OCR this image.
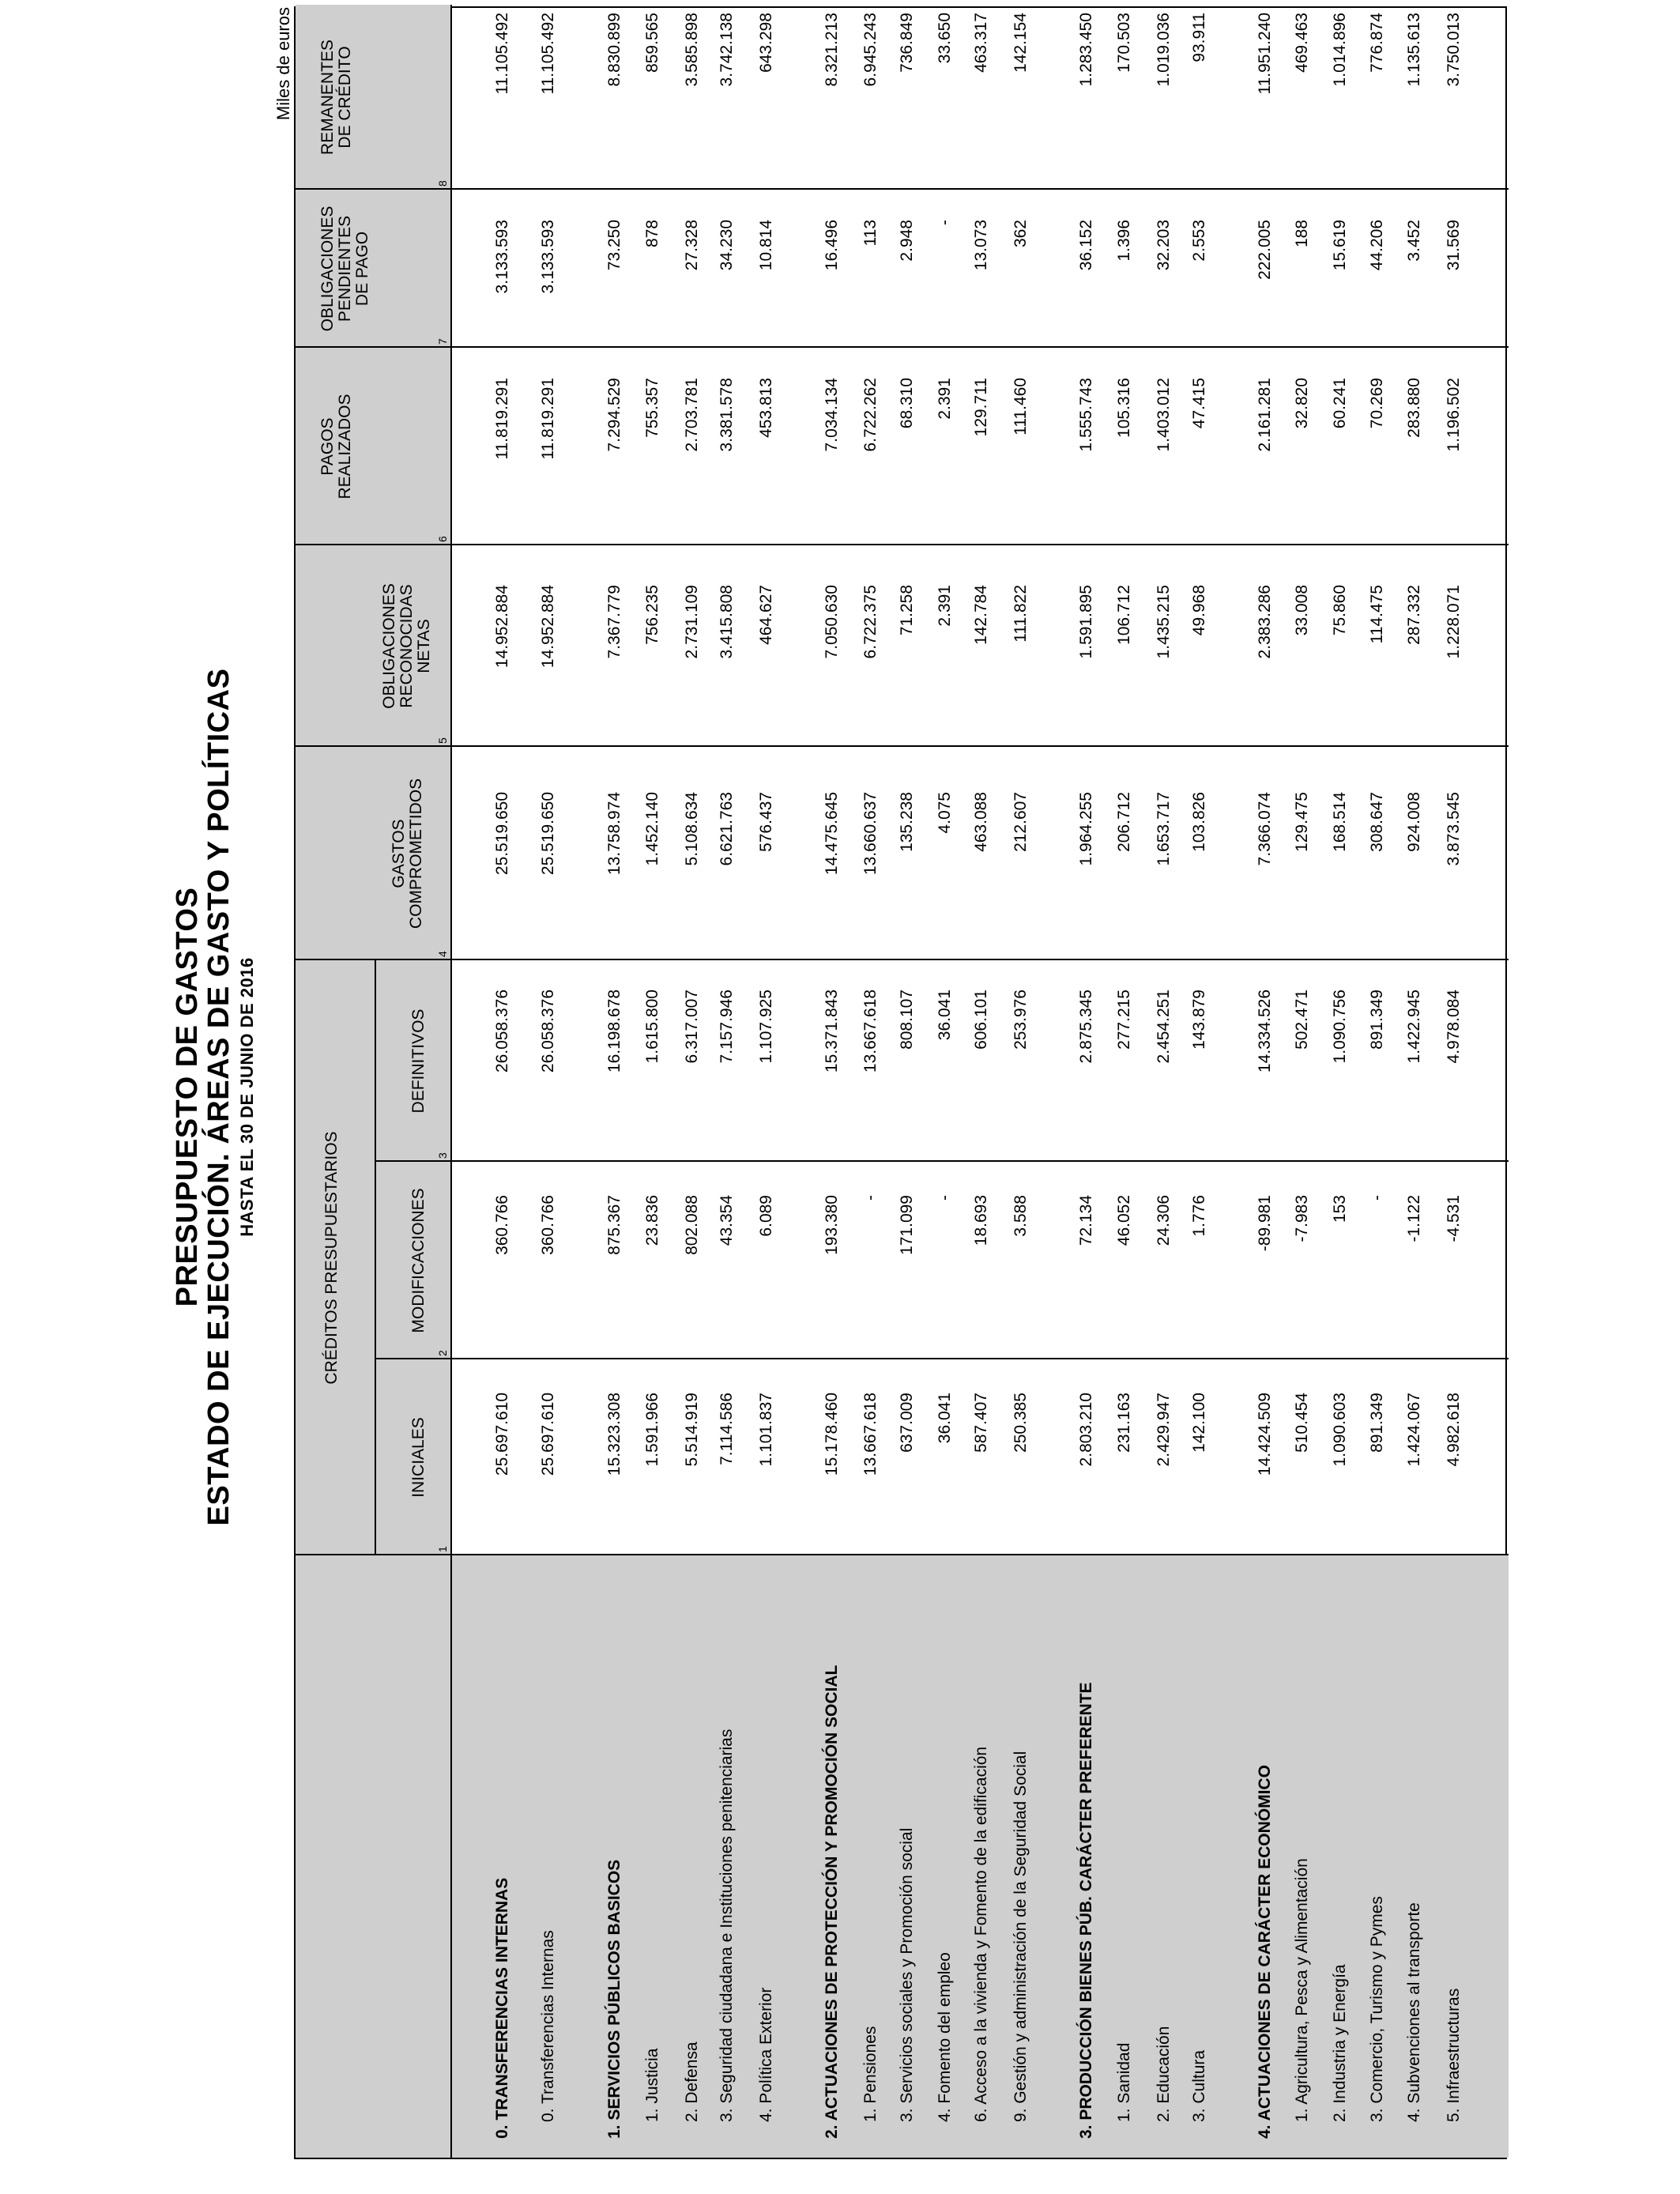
PRESUPUESTO DE GASTOS
ESTADO DE EJECUCIÓN. ÁREAS DE GASTO Y POLÍTICAS HASTA EL 30 DE JUNIO DE 2016
Miles de euros
CRÉDITOS PRESUPUESTARIOS
INICIALES
MODIFICACIONES
DEFINITIVOS
GASTOS
COMPROMETIDOS
OBLIGACIONES
RECONOCIDAS
NETAS
PAGOS
REALIZADOS
OBLIGACIONES
PENDIENTES
DE PAGO
REMANENTES
DE CRÉDITO
1
2
3
4
5
6
7
8
0. TRANSFERENCIAS INTERNAS
25.697.610
360.766
26.058.376
25.519.650
14.952.884
11.819.291
3.133.593
11.105.492
0. Transferencias Internas
25.697.610
360.766
26.058.376
25.519.650
14.952.884
11.819.291
3.133.593
11.105.492
1. SERVICIOS PÚBLICOS BASICOS
15.323.308
875.367
16.198.678
13.758.974
7.367.779
7.294.529
73.250
8.830.899
1. Justicia
1.591.966
23.836
1.615.800
1.452.140
756.235
755.357
878
859.565
2. Defensa
5.514.919
802.088
6.317.007
5.108.634
2.731.109
2.703.781
27.328
3.585.898
3. Seguridad ciudadana e Instituciones penitenciarias
7.114.586
43.354
7.157.946
6.621.763
3.415.808
3.381.578
34.230
3.742.138
4. Política Exterior
1.101.837
6.089
1.107.925
576.437
464.627
453.813
10.814
643.298
2. ACTUACIONES DE PROTECCIÓN Y PROMOCIÓN SOCIAL
15.178.460
193.380
15.371.843
14.475.645
7.050.630
7.034.134
16.496
8.321.213
1. Pensiones
13.667.618
-
13.667.618
13.660.637
6.722.375
6.722.262
113
6.945.243
3. Servicios sociales y Promoción social
637.009
171.099
808.107
135.238
71.258
68.310
2.948
736.849
4. Fomento del empleo
36.041
-
36.041
4.075
2.391
2.391
-
33.650
6. Acceso a la vivienda y Fomento de la edificación
587.407
18.693
606.101
463.088
142.784
129.711
13.073
463.317
9. Gestión y administración de la Seguridad Social
250.385
3.588
253.976
212.607
111.822
111.460
362
142.154
3. PRODUCCIÓN BIENES PÚB. CARÁCTER PREFERENTE
2.803.210
72.134
2.875.345
1.964.255
1.591.895
1.555.743
36.152
1.283.450
1. Sanidad
231.163
46.052
277.215
206.712
106.712
105.316
1.396
170.503
2. Educación
2.429.947
24.306
2.454.251
1.653.717
1.435.215
1.403.012
32.203
1.019.036
3. Cultura
142.100
1.776
143.879
103.826
49.968
47.415
2.553
93.911
4. ACTUACIONES DE CARÁCTER ECONÓMICO
14.424.509
-89.981
14.334.526
7.366.074
2.383.286
2.161.281
222.005
11.951.240
1. Agricultura, Pesca y Alimentación
510.454
-7.983
502.471
129.475
33.008
32.820
188
469.463
2. Industria y Energía
1.090.603
153
1.090.756
168.514
75.860
60.241
15.619
1.014.896
3. Comercio, Turismo y Pymes
891.349
-
891.349
308.647
114.475
70.269
44.206
776.874
4. Subvenciones al transporte
1.424.067
-1.122
1.422.945
924.008
287.332
283.880
3.452
1.135.613
5. Infraestructuras
4.982.618
-4.531
4.978.084
3.873.545
1.228.071
1.196.502
31.569
3.750.013
